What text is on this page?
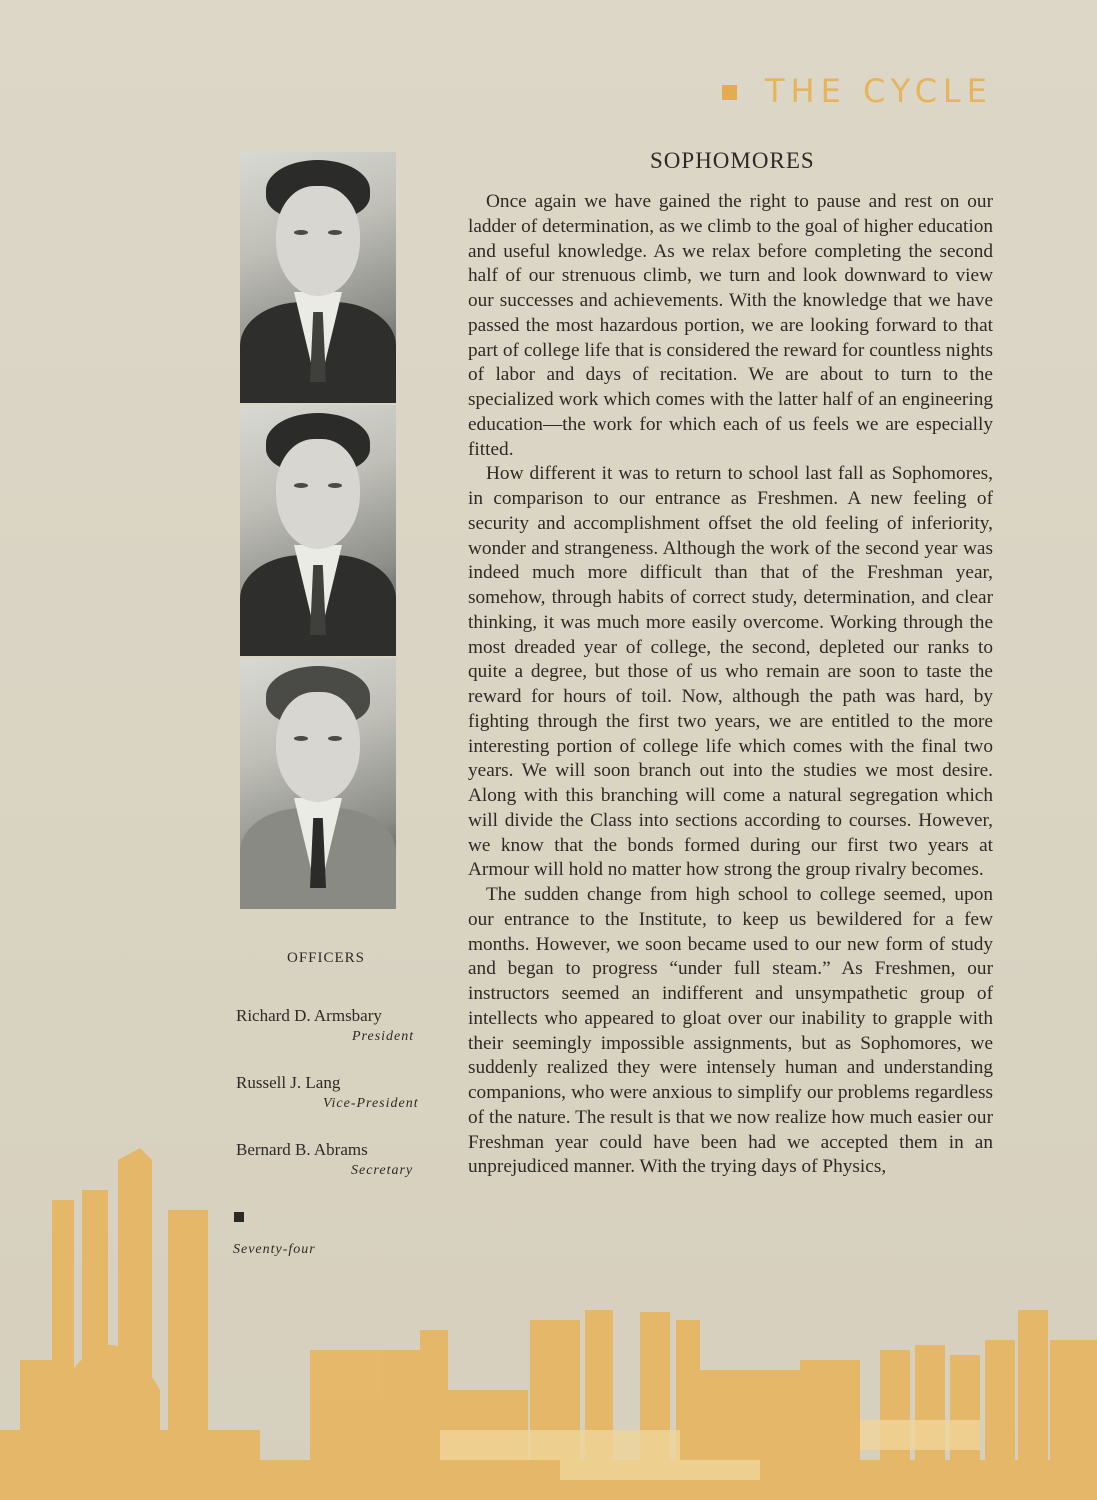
THE CYCLE
OFFICERS
Richard D. Armsbary
President
Russell J. Lang
Vice-President
Bernard B. Abrams
Secretary
Seventy-four
SOPHOMORES

Once again we have gained the right to pause and rest on our ladder of determination, as we climb to the goal of higher education and useful knowledge. As we relax before completing the second half of our strenuous climb, we turn and look downward to view our successes and achievements. With the knowledge that we have passed the most hazardous portion, we are looking forward to that part of college life that is considered the reward for countless nights of labor and days of recitation. We are about to turn to the specialized work which comes with the latter half of an engineering education—the work for which each of us feels we are especially fitted.

How different it was to return to school last fall as Sophomores, in comparison to our entrance as Freshmen. A new feeling of security and accomplishment offset the old feeling of inferiority, wonder and strangeness. Although the work of the second year was indeed much more difficult than that of the Freshman year, somehow, through habits of correct study, determination, and clear thinking, it was much more easily overcome. Working through the most dreaded year of college, the second, depleted our ranks to quite a degree, but those of us who remain are soon to taste the reward for hours of toil. Now, although the path was hard, by fighting through the first two years, we are entitled to the more interesting portion of college life which comes with the final two years. We will soon branch out into the studies we most desire. Along with this branching will come a natural segregation which will divide the Class into sections according to courses. However, we know that the bonds formed during our first two years at Armour will hold no matter how strong the group rivalry becomes.

The sudden change from high school to college seemed, upon our entrance to the Institute, to keep us bewildered for a few months. However, we soon became used to our new form of study and began to progress “under full steam.” As Freshmen, our instructors seemed an indifferent and unsympathetic group of intellects who appeared to gloat over our inability to grapple with their seemingly impossible assignments, but as Sophomores, we suddenly realized they were intensely human and understanding companions, who were anxious to simplify our problems regardless of the nature. The result is that we now realize how much easier our Freshman year could have been had we accepted them in an unprejudiced manner. With the trying days of Physics,
